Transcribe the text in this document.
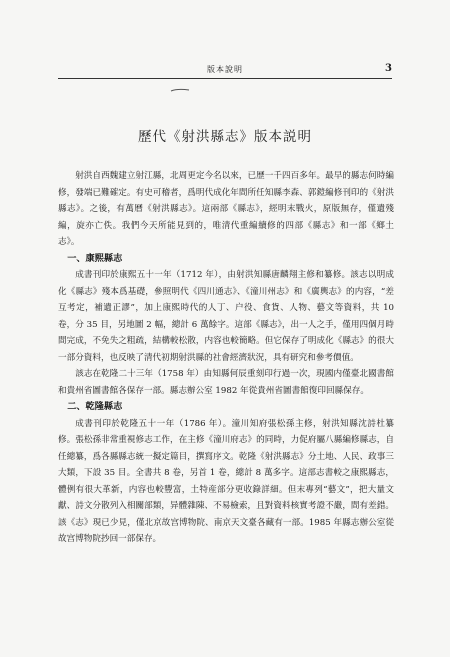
版本說明	3
歷代《射洪縣志》版本説明

射洪自西魏建立射江縣，北周更定今名以來，已歷一千四百多年。最早的縣志何時編修，發端已難確定。有史可稽者，爲明代成化年間所任知縣李森、郭鎧編修刊印的《射洪縣志》。之後，有萬曆《射洪縣志》。這兩部《縣志》，經明末戰火，原版無存，僅遺殘編，旋亦亡佚。我們今天所能見到的，唯清代重編續修的四部《縣志》和一部《鄉土志》。

一、康熙縣志

成書刊印於康熙五十一年（1712 年），由射洪知縣唐麟翔主修和纂修。該志以明成化《縣志》殘本爲基礎，參照明代《四川通志》、《潼川州志》和《廣輿志》的内容，“差互考定，補遺正謬”，加上康熙時代的人丁、户役、食貨、人物、藝文等資料，共 10 卷，分 35 目，另地圖 2 幅，總計 6 萬餘字。這部《縣志》，出一人之手，僅用四個月時間完成，不免失之粗疏，結構較松散，内容也較簡略。但它保存了明成化《縣志》的很大一部分資料，也反映了清代初期射洪縣的社會經濟狀況，具有研究和參考價值。

該志在乾隆二十三年（1758 年）由知縣何辰重刻印行過一次，現國内僅臺北國書館和貴州省圖書館各保存一部。縣志辦公室 1982 年從貴州省圖書館復印回縣保存。

二、乾隆縣志

成書刊印於乾隆五十一年（1786 年）。潼川知府張松孫主修，射洪知縣沈詩杜纂修。張松孫非常重視修志工作，在主修《潼川府志》的同時，力促府屬八縣編修縣志，自任總纂，爲各縣縣志統一擬定篇目，撰寫序文。乾隆《射洪縣志》分土地、人民、政事三大類，下設 35 目。全書共 8 卷，另首 1 卷，總計 8 萬多字。這部志書較之康熙縣志，體例有很大革新，内容也較豐富，土特産部分更收錄詳細。但末專列“藝文”，把大量文獻、詩文分散列入相關部類，异體雜陳、不易檢索，且對資料核實考證不嚴，間有差錯。該《志》現已少見，僅北京故宫博物院、南京天文臺各藏有一部。1985 年縣志辦公室從故宫博物院抄回一部保存。
